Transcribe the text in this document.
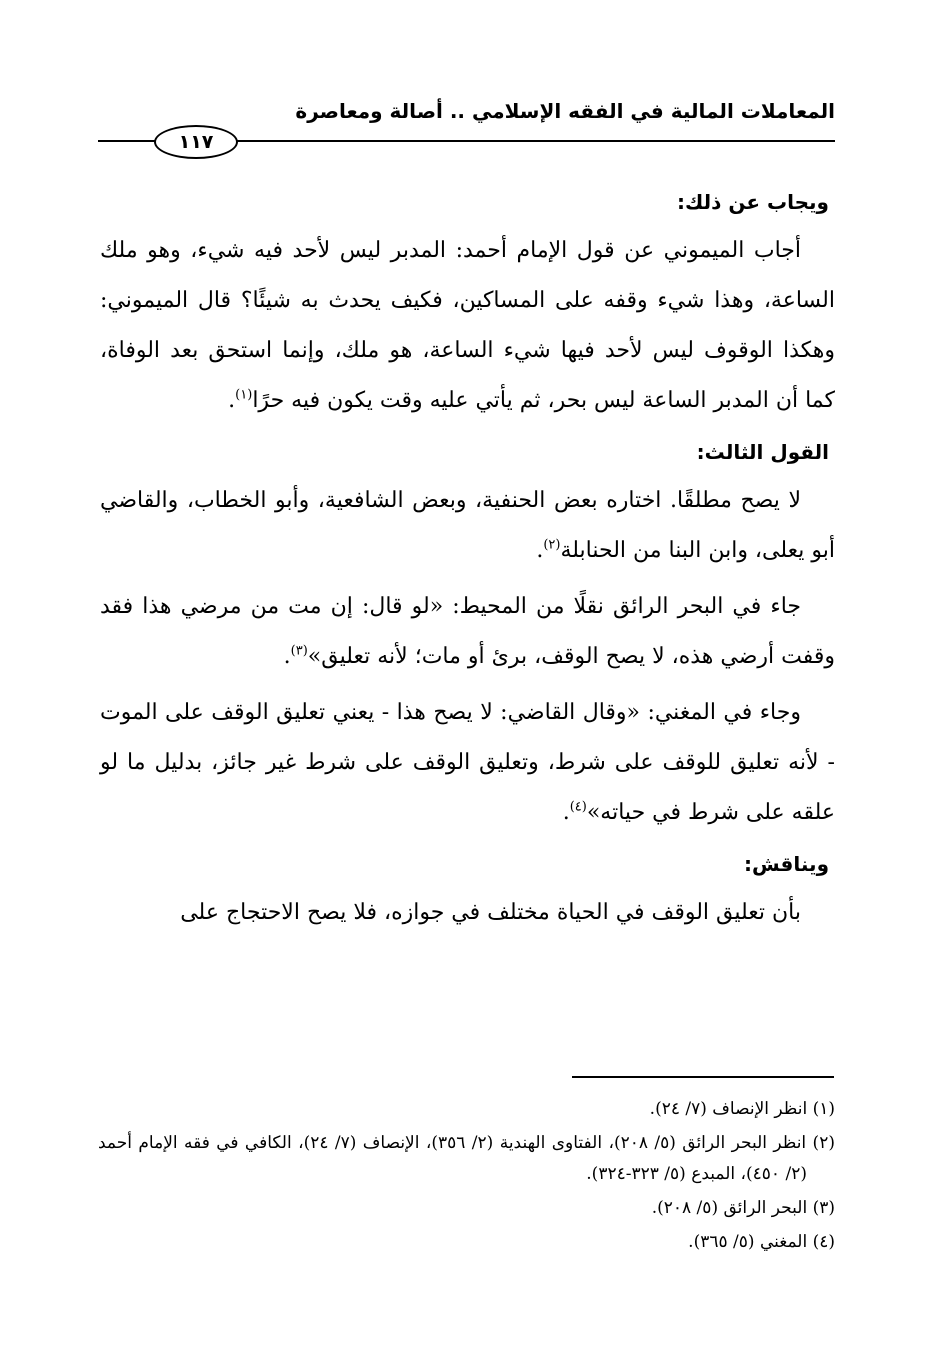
المعاملات المالية في الفقه الإسلامي .. أصالة ومعاصرة
١١٧

ويجاب عن ذلك:

أجاب الميموني عن قول الإمام أحمد: المدبر ليس لأحد فيه شيء، وهو ملك الساعة، وهذا شيء وقفه على المساكين، فكيف يحدث به شيئًا؟ قال الميموني: وهكذا الوقوف ليس لأحد فيها شيء الساعة، هو ملك، وإنما استحق بعد الوفاة، كما أن المدبر الساعة ليس بحر، ثم يأتي عليه وقت يكون فيه حرًا$^{(١)}$.

القول الثالث:

لا يصح مطلقًا. اختاره بعض الحنفية، وبعض الشافعية، وأبو الخطاب، والقاضي أبو يعلى، وابن البنا من الحنابلة$^{(٢)}$.

جاء في البحر الرائق نقلًا من المحيط: «لو قال: إن مت من مرضي هذا فقد وقفت أرضي هذه، لا يصح الوقف، برئ أو مات؛ لأنه تعليق»$^{(٣)}$.

وجاء في المغني: «وقال القاضي: لا يصح هذا - يعني تعليق الوقف على الموت - لأنه تعليق للوقف على شرط، وتعليق الوقف على شرط غير جائز، بدليل ما لو علقه على شرط في حياته»$^{(٤)}$.

ويناقش:

بأن تعليق الوقف في الحياة مختلف في جوازه، فلا يصح الاحتجاج على

(١) انظر الإنصاف (٧/ ٢٤).

(٢) انظر البحر الرائق (٥/ ٢٠٨)، الفتاوى الهندية (٢/ ٣٥٦)، الإنصاف (٧/ ٢٤)، الكافي في فقه الإمام أحمد (٢/ ٤٥٠)، المبدع (٥/ ٣٢٣-٣٢٤).

(٣) البحر الرائق (٥/ ٢٠٨).

(٤) المغني (٥/ ٣٦٥).
